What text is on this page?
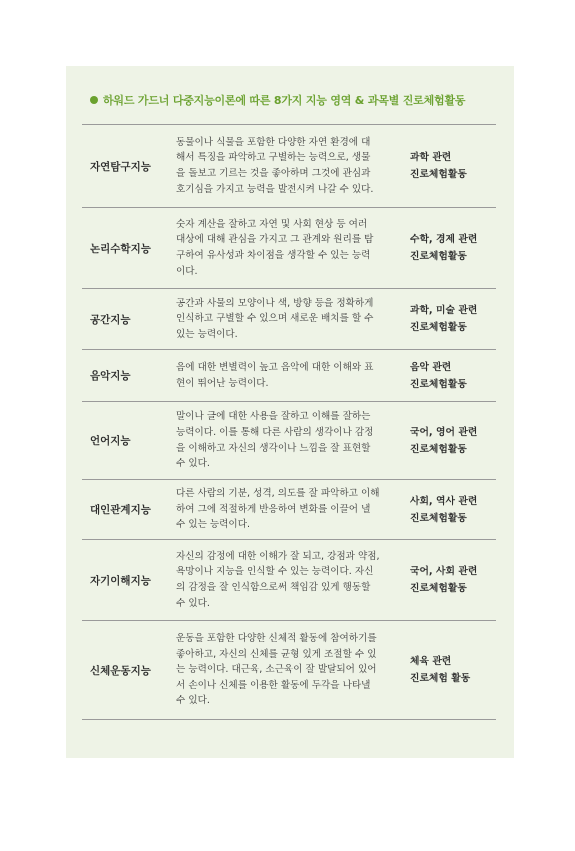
하워드 가드너 다중지능이론에 따른 8가지 지능 영역 & 과목별 진로체험활동
자연탐구지능
동물이나 식물을 포함한 다양한 자연 환경에 대
해서 특징을 파악하고 구별하는 능력으로, 생물
을 돌보고 기르는 것을 좋아하며 그것에 관심과
호기심을 가지고 능력을 발전시켜 나갈 수 있다.
과학 관련
진로체험활동
논리수학지능
숫자 계산을 잘하고 자연 및 사회 현상 등 여러
대상에 대해 관심을 가지고 그 관계와 원리를 탐
구하여 유사성과 차이점을 생각할 수 있는 능력
이다.
수학, 경제 관련
진로체험활동
공간지능
공간과 사물의 모양이나 색, 방향 등을 정확하게
인식하고 구별할 수 있으며 새로운 배치를 할 수
있는 능력이다.
과학, 미술 관련
진로체험활동
음악지능
음에 대한 변별력이 높고 음악에 대한 이해와 표
현이 뛰어난 능력이다.
음악 관련
진로체험활동
언어지능
말이나 글에 대한 사용을 잘하고 이해를 잘하는
능력이다. 이를 통해 다른 사람의 생각이나 감정
을 이해하고 자신의 생각이나 느낌을 잘 표현할
수 있다.
국어, 영어 관련
진로체험활동
대인관계지능
다른 사람의 기분, 성격, 의도를 잘 파악하고 이해
하여 그에 적절하게 반응하여 변화를 이끌어 낼
수 있는 능력이다.
사회, 역사 관련
진로체험활동
자기이해지능
자신의 감정에 대한 이해가 잘 되고, 강점과 약점,
욕망이나 지능을 인식할 수 있는 능력이다. 자신
의 감정을 잘 인식함으로써 책임감 있게 행동할
수 있다.
국어, 사회 관련
진로체험활동
신체운동지능
운동을 포함한 다양한 신체적 활동에 참여하기를
좋아하고, 자신의 신체를 균형 있게 조절할 수 있
는 능력이다. 대근육, 소근육이 잘 발달되어 있어
서 손이나 신체를 이용한 활동에 두각을 나타낼
수 있다.
체육 관련
진로체험 활동
